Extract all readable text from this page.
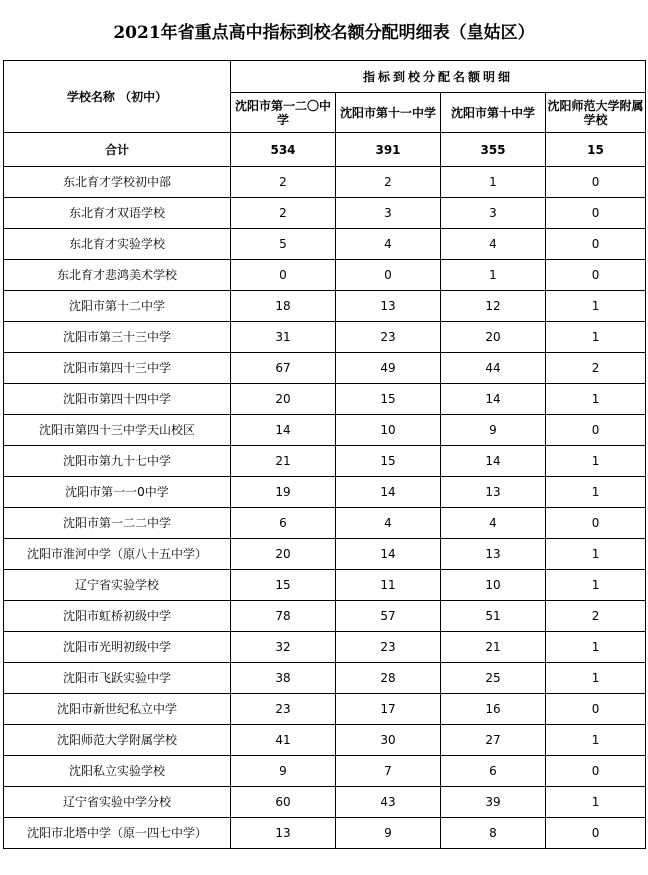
2021年省重点高中指标到校名额分配明细表（皇姑区）
学校名称 （初中）	指标到校分配名额明细			
	沈阳市第一二〇中学	沈阳市第十一中学	沈阳市第十中学	沈阳师范大学附属学校
合计	534	391	355	15
东北育才学校初中部	2	2	1	0
东北育才双语学校	2	3	3	0
东北育才实验学校	5	4	4	0
东北育才悲鸿美术学校	0	0	1	0
沈阳市第十二中学	18	13	12	1
沈阳市第三十三中学	31	23	20	1
沈阳市第四十三中学	67	49	44	2
沈阳市第四十四中学	20	15	14	1
沈阳市第四十三中学天山校区	14	10	9	0
沈阳市第九十七中学	21	15	14	1
沈阳市第一一0中学	19	14	13	1
沈阳市第一二二中学	6	4	4	0
沈阳市淮河中学（原八十五中学）	20	14	13	1
辽宁省实验学校	15	11	10	1
沈阳市虹桥初级中学	78	57	51	2
沈阳市光明初级中学	32	23	21	1
沈阳市飞跃实验中学	38	28	25	1
沈阳市新世纪私立中学	23	17	16	0
沈阳师范大学附属学校	41	30	27	1
沈阳私立实验学校	9	7	6	0
辽宁省实验中学分校	60	43	39	1
沈阳市北塔中学（原一四七中学）	13	9	8	0
